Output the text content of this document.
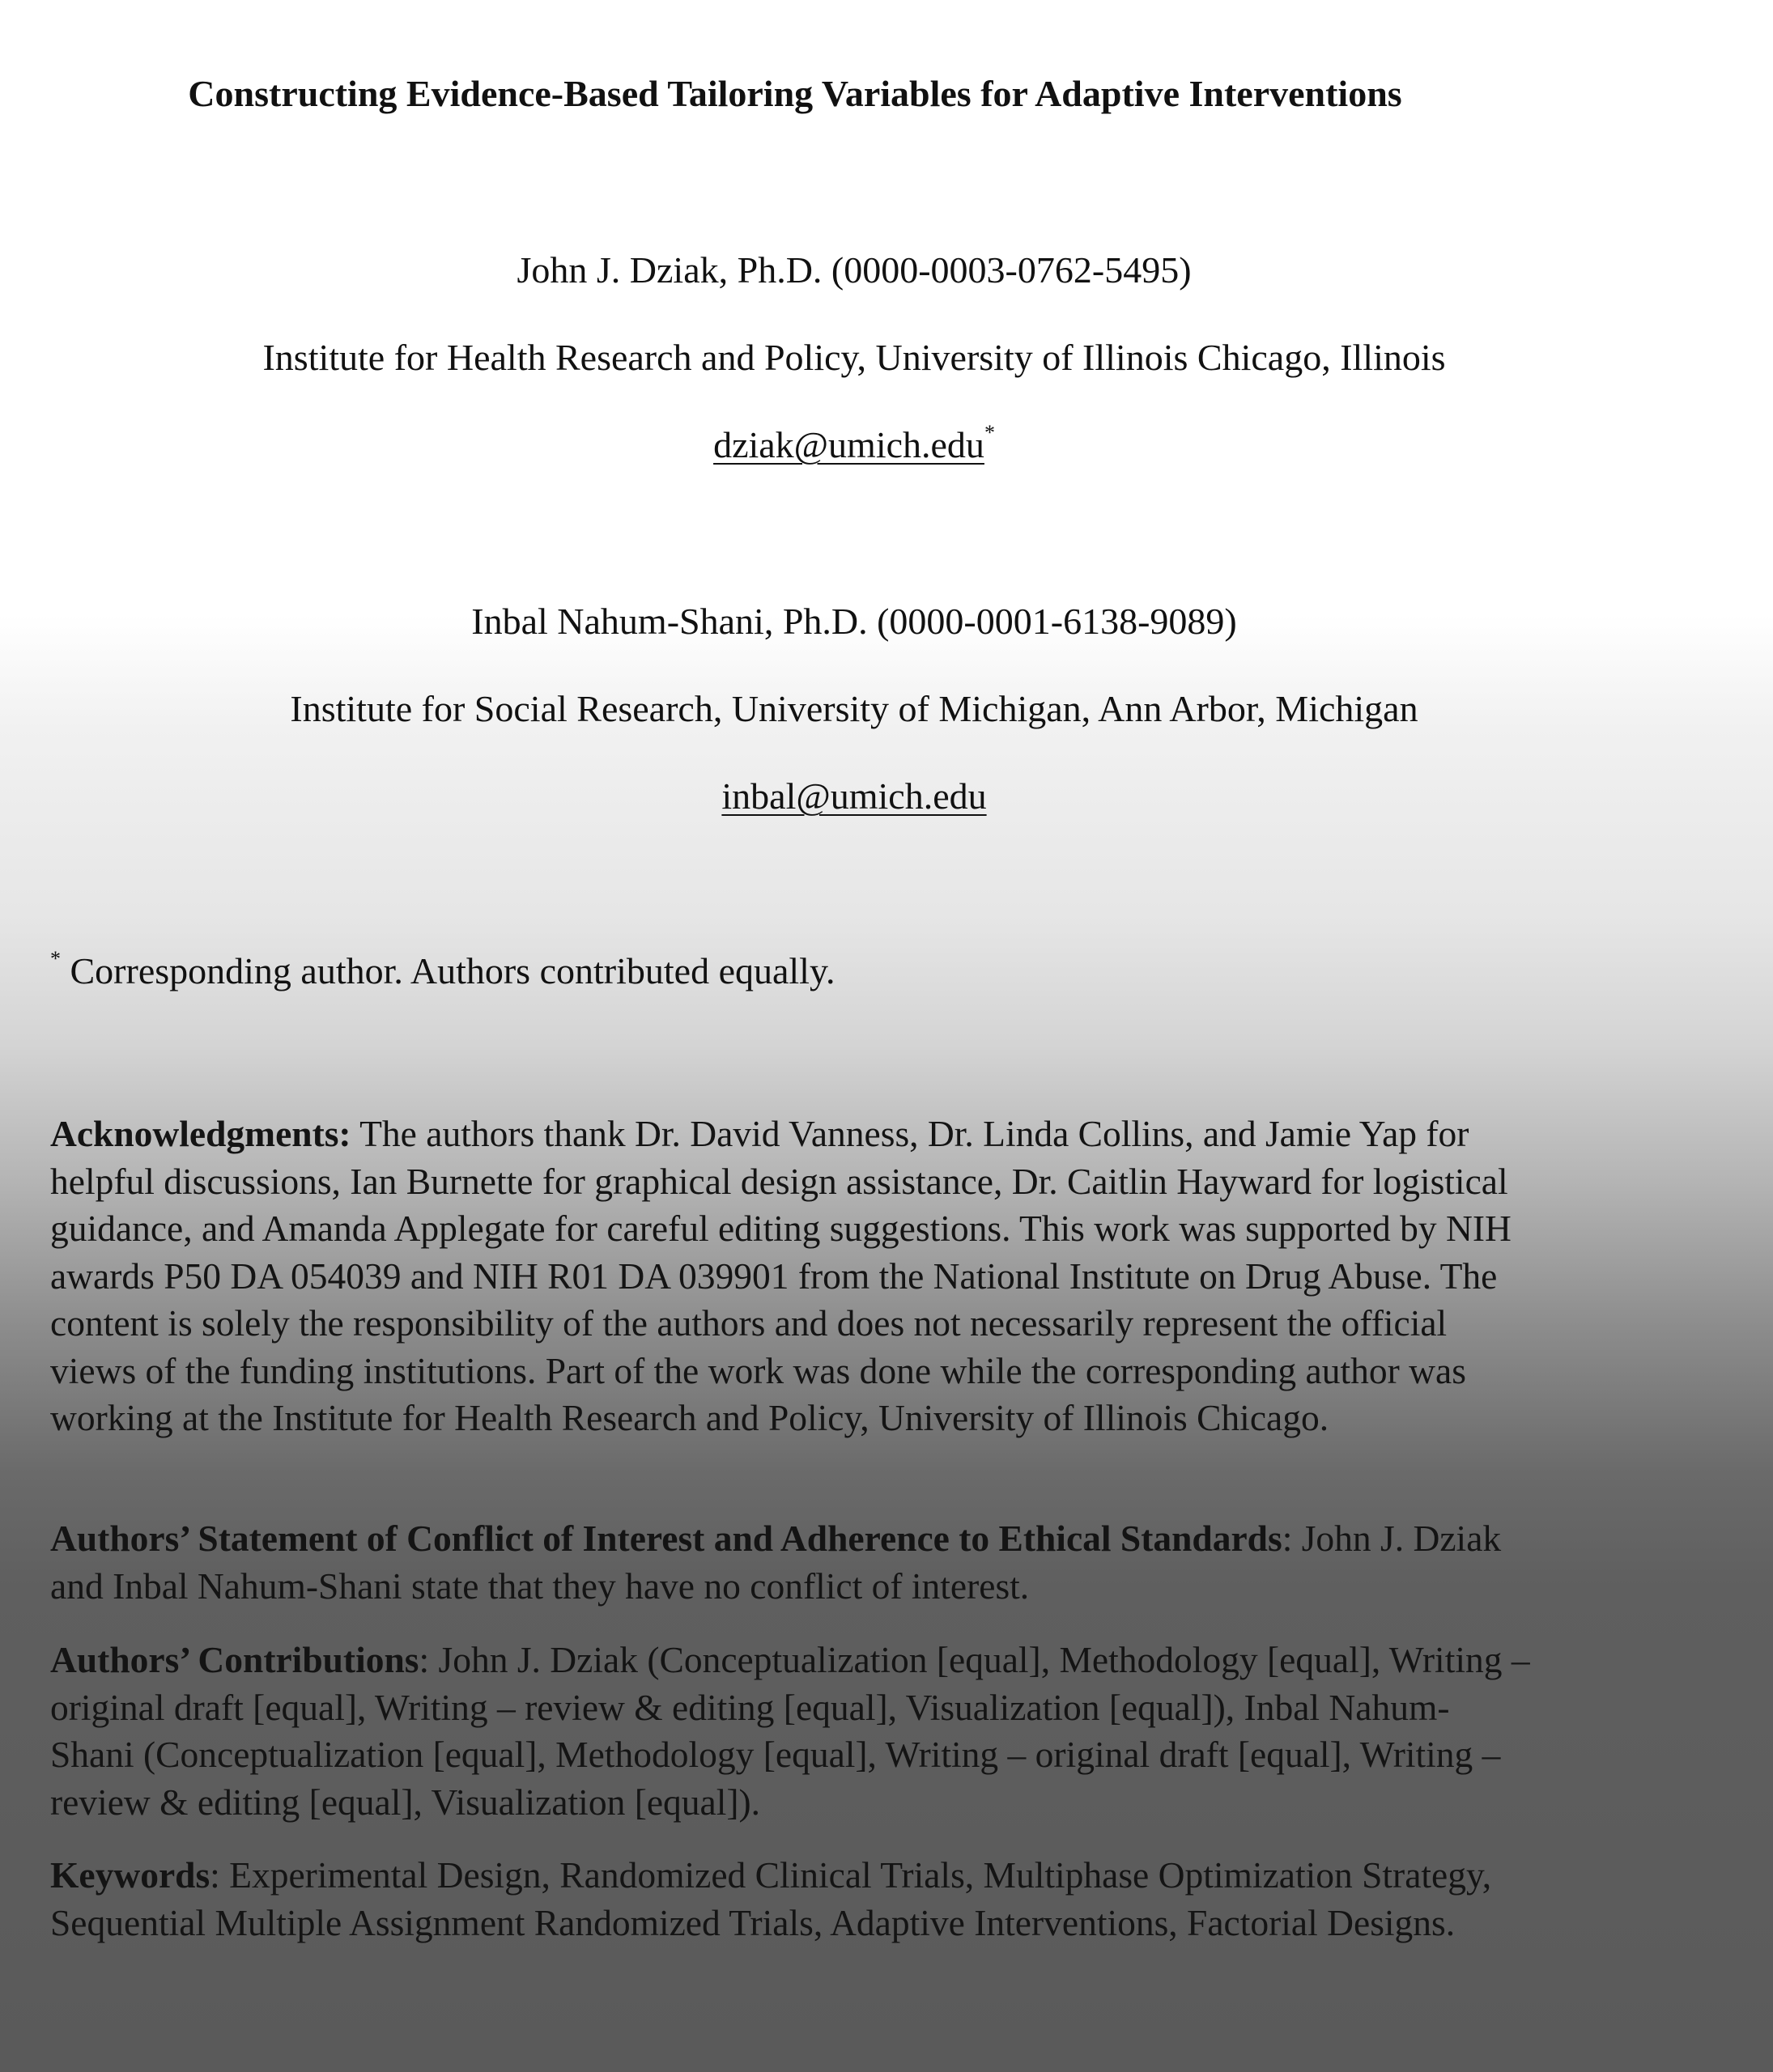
Constructing Evidence-Based Tailoring Variables for Adaptive Interventions
John J. Dziak, Ph.D. (0000-0003-0762-5495)
Institute for Health Research and Policy, University of Illinois Chicago, Illinois
dziak@umich.edu*
Inbal Nahum-Shani, Ph.D. (0000-0001-6138-9089)
Institute for Social Research, University of Michigan, Ann Arbor, Michigan
inbal@umich.edu
* Corresponding author. Authors contributed equally.

Acknowledgments: The authors thank Dr. David Vanness, Dr. Linda Collins, and Jamie Yap for helpful discussions, Ian Burnette for graphical design assistance, Dr. Caitlin Hayward for logistical guidance, and Amanda Applegate for careful editing suggestions. This work was supported by NIH awards P50 DA 054039 and NIH R01 DA 039901 from the National Institute on Drug Abuse. The content is solely the responsibility of the authors and does not necessarily represent the official views of the funding institutions. Part of the work was done while the corresponding author was working at the Institute for Health Research and Policy, University of Illinois Chicago.

Authors’ Statement of Conflict of Interest and Adherence to Ethical Standards: John J. Dziak and Inbal Nahum-Shani state that they have no conflict of interest.

Authors’ Contributions: John J. Dziak (Conceptualization [equal], Methodology [equal], Writing – original draft [equal], Writing – review & editing [equal], Visualization [equal]), Inbal Nahum-Shani (Conceptualization [equal], Methodology [equal], Writing – original draft [equal], Writing – review & editing [equal], Visualization [equal]).

Keywords: Experimental Design, Randomized Clinical Trials, Multiphase Optimization Strategy, Sequential Multiple Assignment Randomized Trials, Adaptive Interventions, Factorial Designs.
